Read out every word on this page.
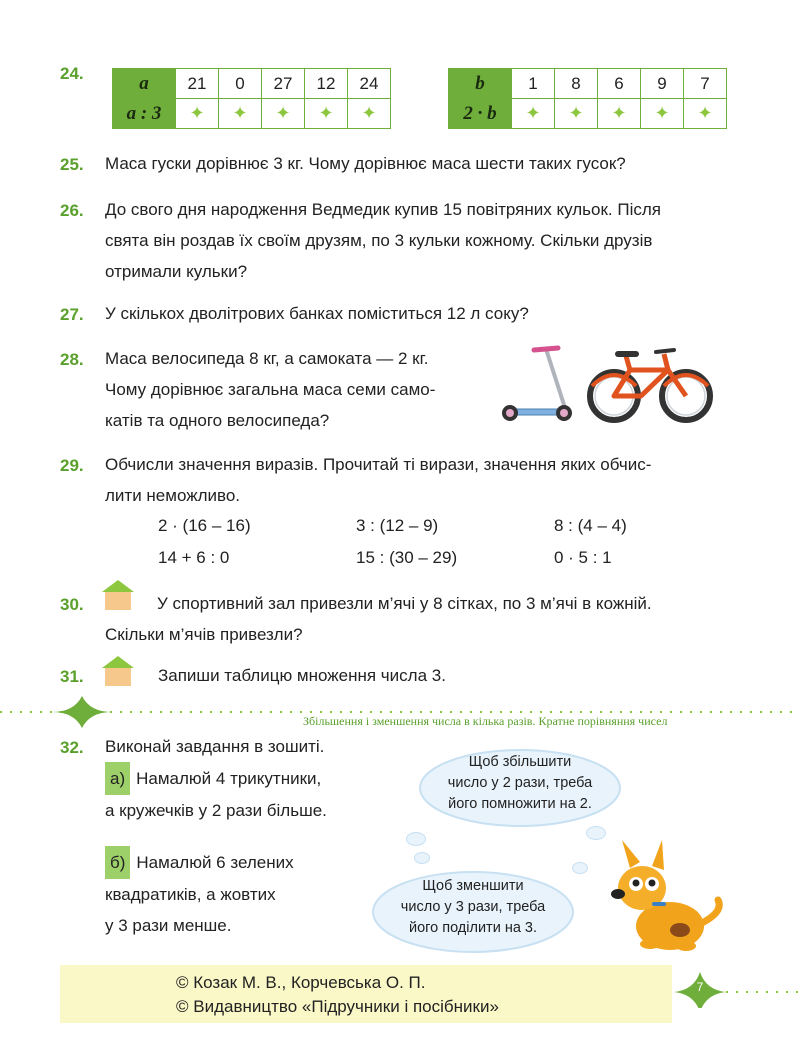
24.	a	21	0	27	12	24
a : 3	✦	✦	✦	✦	✦
b	1	8	6	9	7
2 · b	✦	✦	✦	✦	✦
25. Маса гуски дорівнює 3 кг. Чому дорівнює маса шести таких гусок?
26. До свого дня народження Ведмедик купив 15 повітряних кульок. Після
свята він роздав їх своїм друзям, по 3 кульки кожному. Скільки друзів
отримали кульки?
27. У скількох дволітрових банках поміститься 12 л соку?
28. Маса велосипеда 8 кг, а самоката — 2 кг.
Чому дорівнює загальна маса семи само-
катів та одного велосипеда?
29. Обчисли значення виразів. Прочитай ті вирази, значення яких обчис-
лити неможливо.
2 · (16 – 16)	3 : (12 – 9)	8 : (4 – 4)
14 + 6 : 0	15 : (30 – 29)	0 · 5 : 1
30.	У спортивний зал привезли м’ячі у 8 сітках, по 3 м’ячі в кожній.
Скільки м’ячів привезли?
31.	Запиши таблицю множення числа 3.
Збільшення і зменшення числа в кілька разів. Кратне порівняння чисел
32. Виконай завдання в зошиті.
а) Намалюй 4 трикутники,
а кружечків у 2 рази більше.
б) Намалюй 6 зелених
квадратиків, а жовтих
у 3 рази менше.
Щоб збільшити
число у 2 рази, треба
його помножити на 2.
Щоб зменшити
число у 3 рази, треба
його поділити на 3.
© Козак М. В., Корчевська О. П.
© Видавництво «Підручники і посібники»
7
